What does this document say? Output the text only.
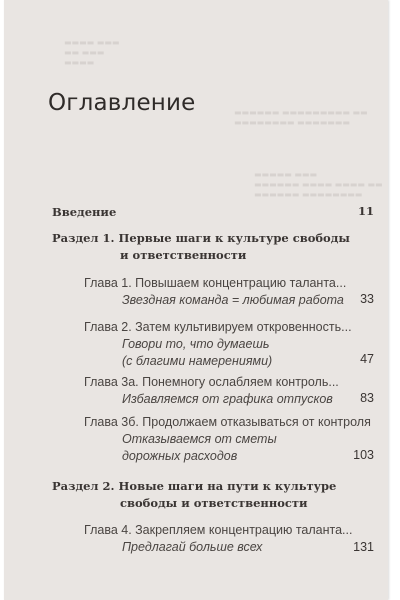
▬▬▬▬ ▬▬▬
▬▬ ▬▬▬
▬▬▬▬
▬▬▬▬▬▬ ▬▬▬▬▬▬▬▬▬ ▬▬
▬▬▬▬▬▬▬▬ ▬▬▬▬▬▬▬
▬▬▬▬▬ ▬▬▬
▬▬▬▬▬▬ ▬▬▬▬ ▬▬▬▬ ▬▬
▬▬▬▬▬▬ ▬▬▬▬▬▬▬▬
Оглавление
Введение	11
Раздел 1. Первые шаги к культуре свободы
и ответственности
Глава 1. Повышаем концентрацию таланта...
Звездная команда = любимая работа	33
Глава 2. Затем культивируем откровенность...
Говори то, что думаешь
(с благими намерениями)	47
Глава 3а. Понемногу ослабляем контроль...
Избавляемся от графика отпусков	83
Глава 3б. Продолжаем отказываться от контроля
Отказываемся от сметы
дорожных расходов	103
Раздел 2. Новые шаги на пути к культуре
свободы и ответственности
Глава 4. Закрепляем концентрацию таланта...
Предлагай больше всех	131
